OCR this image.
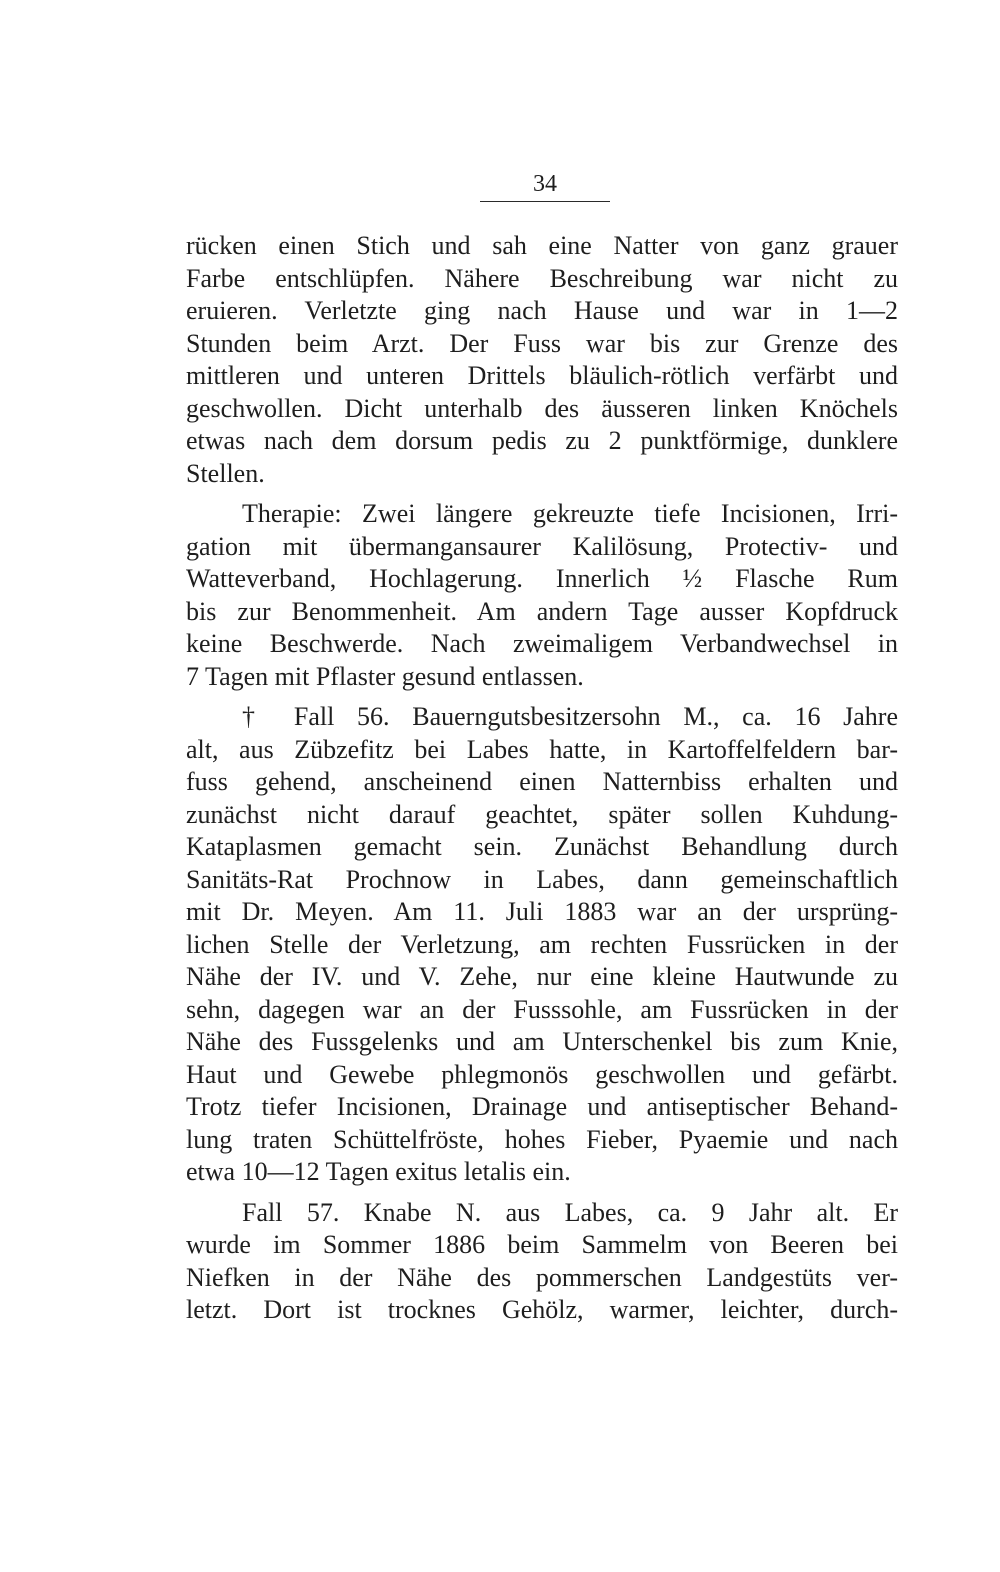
34
rücken einen Stich und sah eine Natter von ganz grauer
Farbe entschlüpfen. Nähere Beschreibung war nicht zu
eruieren. Verletzte ging nach Hause und war in 1—2
Stunden beim Arzt. Der Fuss war bis zur Grenze des
mittleren und unteren Drittels bläulich-rötlich verfärbt und
geschwollen. Dicht unterhalb des äusseren linken Knöchels
etwas nach dem dorsum pedis zu 2 punktförmige, dunklere
Stellen.
Therapie: Zwei längere gekreuzte tiefe Incisionen, Irri-
gation mit übermangansaurer Kalilösung, Protectiv- und
Watteverband, Hochlagerung. Innerlich ½ Flasche Rum
bis zur Benommenheit. Am andern Tage ausser Kopfdruck
keine Beschwerde. Nach zweimaligem Verbandwechsel in
7 Tagen mit Pflaster gesund entlassen.
† Fall 56. Bauerngutsbesitzersohn M., ca. 16 Jahre
alt, aus Zübzefitz bei Labes hatte, in Kartoffelfeldern bar-
fuss gehend, anscheinend einen Natternbiss erhalten und
zunächst nicht darauf geachtet, später sollen Kuhdung-
Kataplasmen gemacht sein. Zunächst Behandlung durch
Sanitäts-Rat Prochnow in Labes, dann gemeinschaftlich
mit Dr. Meyen. Am 11. Juli 1883 war an der ursprüng-
lichen Stelle der Verletzung, am rechten Fussrücken in der
Nähe der IV. und V. Zehe, nur eine kleine Hautwunde zu
sehn, dagegen war an der Fusssohle, am Fussrücken in der
Nähe des Fussgelenks und am Unterschenkel bis zum Knie,
Haut und Gewebe phlegmonös geschwollen und gefärbt.
Trotz tiefer Incisionen, Drainage und antiseptischer Behand-
lung traten Schüttelfröste, hohes Fieber, Pyaemie und nach
etwa 10—12 Tagen exitus letalis ein.
Fall 57. Knabe N. aus Labes, ca. 9 Jahr alt. Er
wurde im Sommer 1886 beim Sammelm von Beeren bei
Niefken in der Nähe des pommerschen Landgestüts ver-
letzt. Dort ist trocknes Gehölz, warmer, leichter, durch-
